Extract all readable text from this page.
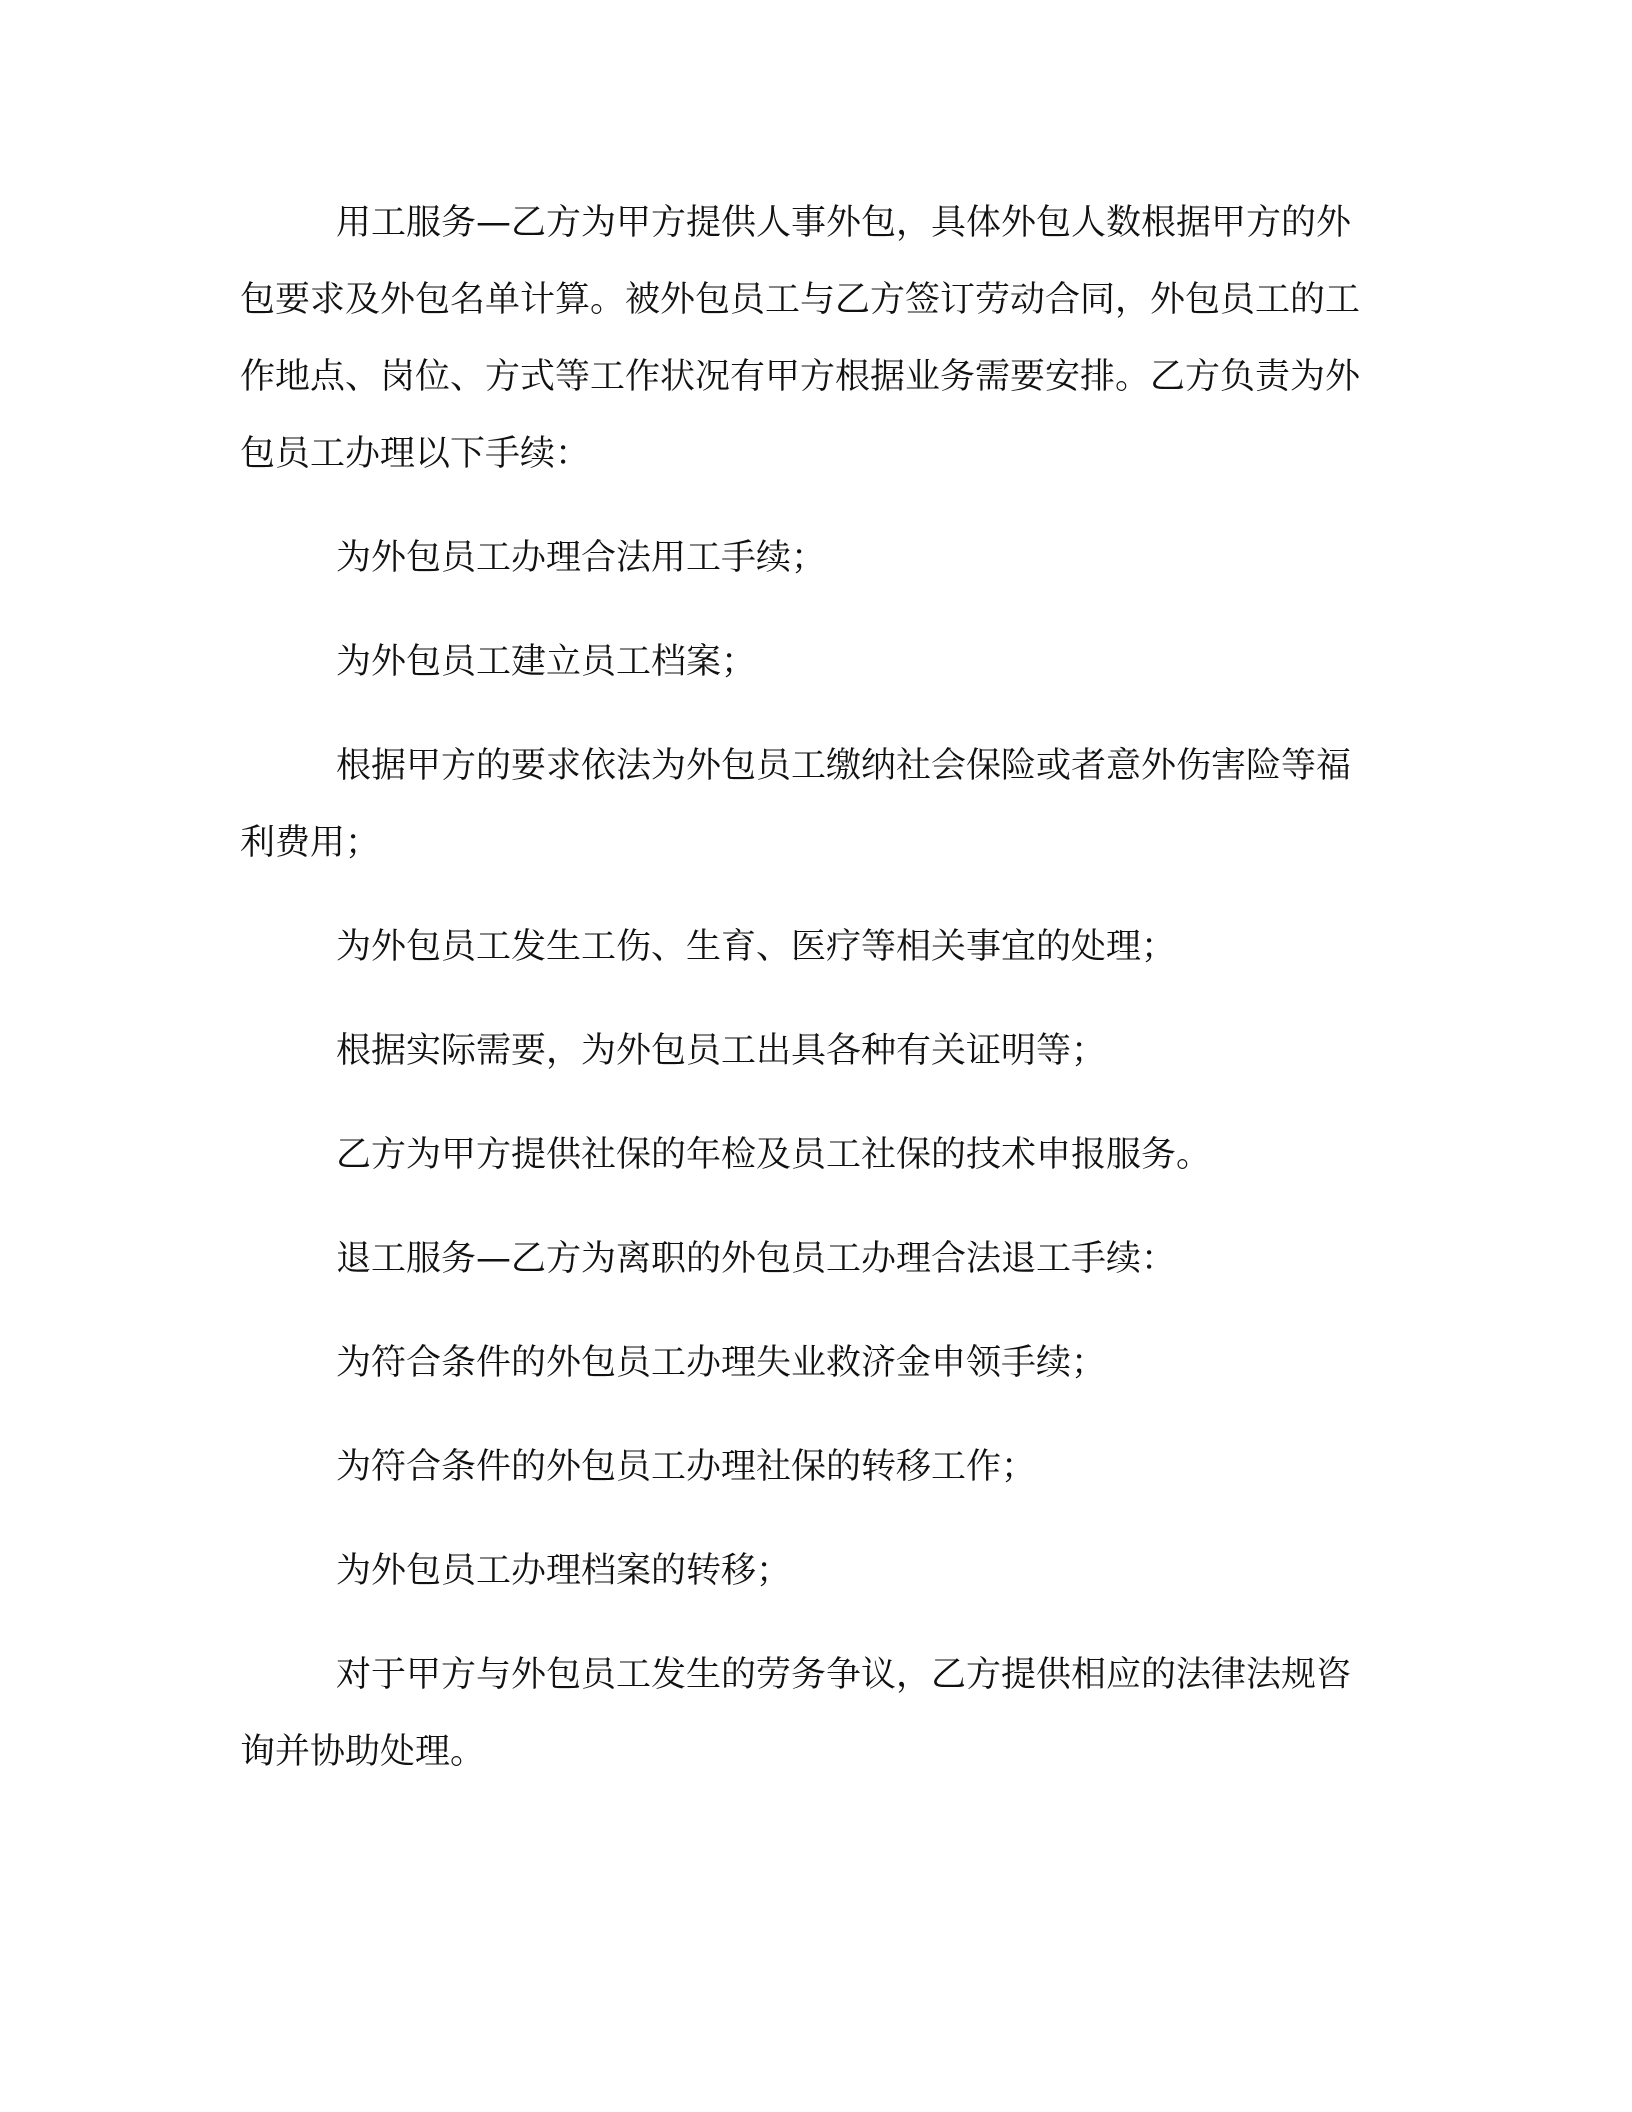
用工服务—乙方为甲方提供人事外包，具体外包人数根据甲方的外包要求及外包名单计算。被外包员工与乙方签订劳动合同，外包员工的工作地点、岗位、方式等工作状况有甲方根据业务需要安排。乙方负责为外包员工办理以下手续：

为外包员工办理合法用工手续；

为外包员工建立员工档案；

根据甲方的要求依法为外包员工缴纳社会保险或者意外伤害险等福利费用；

为外包员工发生工伤、生育、医疗等相关事宜的处理；

根据实际需要，为外包员工出具各种有关证明等；

乙方为甲方提供社保的年检及员工社保的技术申报服务。

退工服务—乙方为离职的外包员工办理合法退工手续：

为符合条件的外包员工办理失业救济金申领手续；

为符合条件的外包员工办理社保的转移工作；

为外包员工办理档案的转移；

对于甲方与外包员工发生的劳务争议，乙方提供相应的法律法规咨询并协助处理。
